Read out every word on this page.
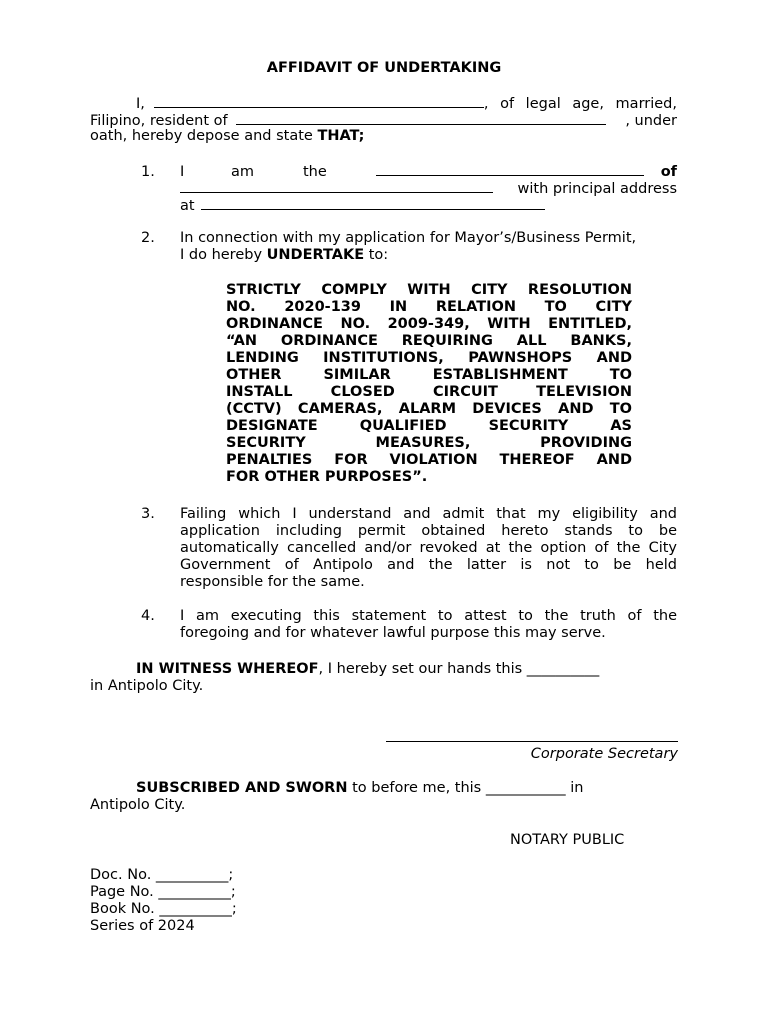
AFFIDAVIT OF UNDERTAKING
I,	, of legal age, married,
Filipino, resident of	, under
oath, hereby depose and state THAT;
1.	I	am	the	of
with principal address
at
2.	In connection with my application for Mayor’s/Business Permit,
I do hereby UNDERTAKE to:
STRICTLY COMPLY WITH CITY RESOLUTION
NO. 2020-139 IN RELATION TO CITY
ORDINANCE NO. 2009-349, WITH ENTITLED,
“AN ORDINANCE REQUIRING ALL BANKS,
LENDING INSTITUTIONS, PAWNSHOPS AND
OTHER SIMILAR ESTABLISHMENT TO
INSTALL CLOSED CIRCUIT TELEVISION
(CCTV) CAMERAS, ALARM DEVICES AND TO
DESIGNATE QUALIFIED SECURITY AS
SECURITY MEASURES, PROVIDING
PENALTIES FOR VIOLATION THEREOF AND
FOR OTHER PURPOSES”.
3.	Failing which I understand and admit that my eligibility and
application including permit obtained hereto stands to be
automatically cancelled and/or revoked at the option of the City
Government of Antipolo and the latter is not to be held
responsible for the same.
4.	I am executing this statement to attest to the truth of the
foregoing and for whatever lawful purpose this may serve.
IN WITNESS WHEREOF , I hereby set our hands this __________
in Antipolo City.
Corporate Secretary
SUBSCRIBED AND SWORN to before me, this ___________ in
Antipolo City.
NOTARY PUBLIC
Doc. No. __________;
Page No. __________;
Book No. __________;
Series of 2024
